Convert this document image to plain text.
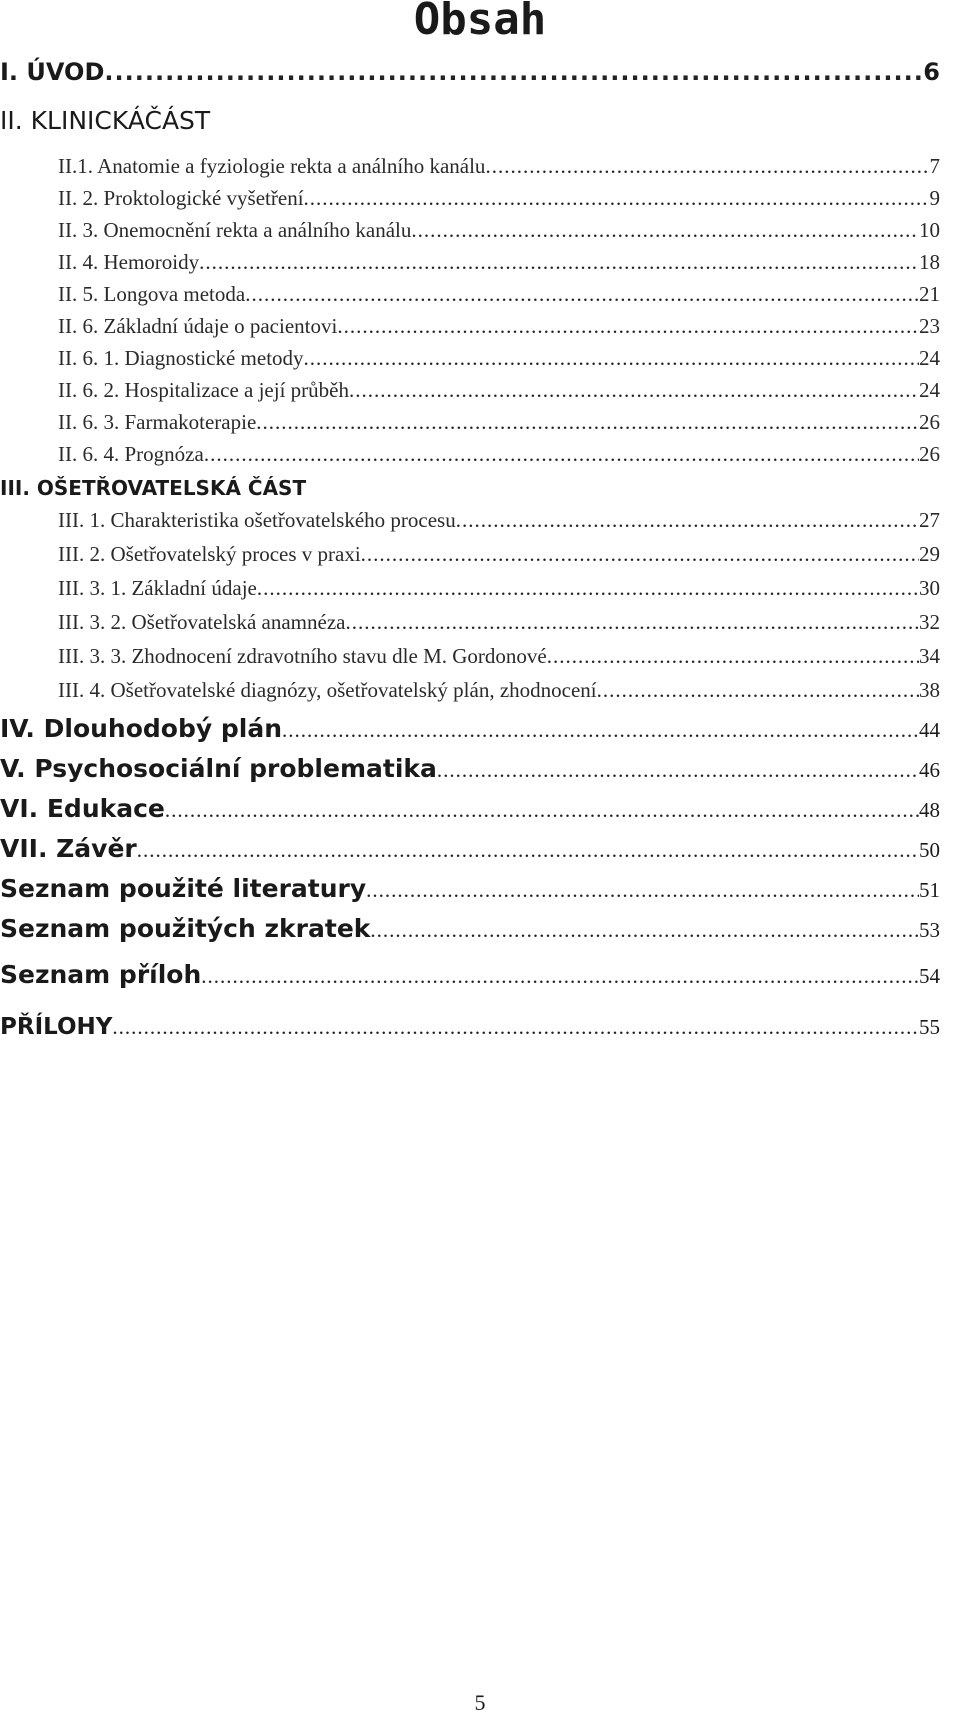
Obsah
I. ÚVOD .....	6
II. KLINICKÁČÁST
II.1. Anatomie a fyziologie rekta a análního kanálu .....	7
II. 2. Proktologické vyšetření .....	9
II. 3. Onemocnění rekta a análního kanálu .....	10
II. 4. Hemoroidy .....	18
II. 5. Longova metoda .....	21
II. 6. Základní údaje o pacientovi .....	23
II. 6. 1. Diagnostické metody .....	24
II. 6. 2. Hospitalizace a její průběh .....	24
II. 6. 3. Farmakoterapie .....	26
II. 6. 4. Prognóza .....	26
III. OŠETŘOVATELSKÁ ČÁST
III. 1. Charakteristika ošetřovatelského procesu .....	27
III. 2. Ošetřovatelský proces v praxi .....	29
III. 3. 1. Základní údaje .....	30
III. 3. 2. Ošetřovatelská anamnéza .....	32
III. 3. 3. Zhodnocení zdravotního stavu dle M. Gordonové .....	34
III. 4. Ošetřovatelské diagnózy, ošetřovatelský plán, zhodnocení .....	38
IV. Dlouhodobý plán .....	44
V. Psychosociální problematika .....	46
VI. Edukace .....	48
VII. Závěr .....	50
Seznam použité literatury .....	51
Seznam použitých zkratek .....	53
Seznam příloh .....	54
PŘÍLOHY .....	55
5
